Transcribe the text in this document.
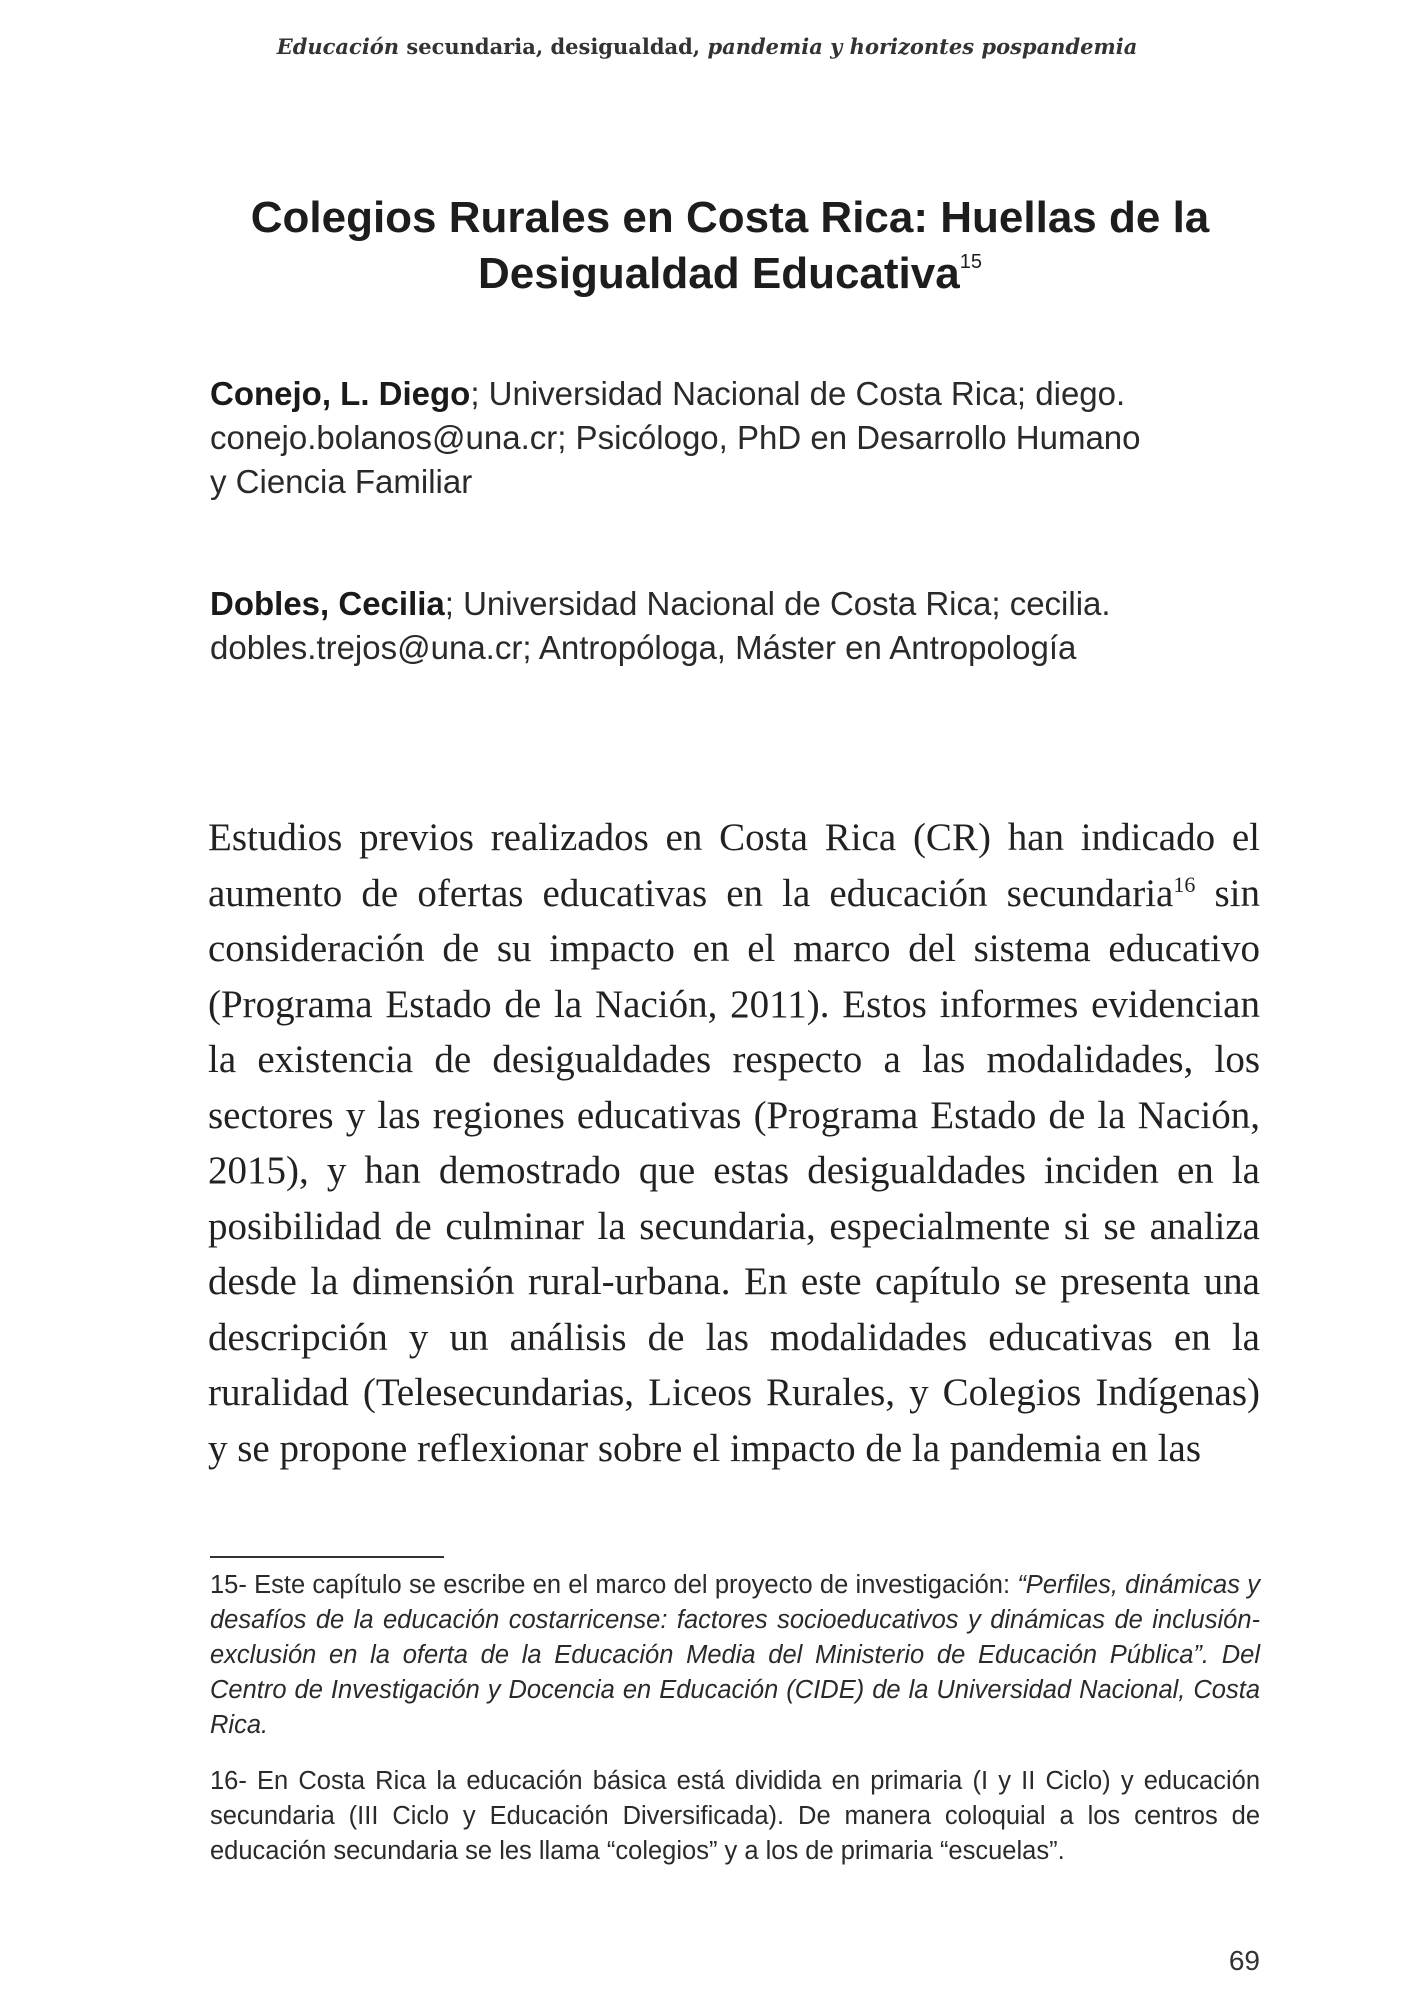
Educación secundaria, desigualdad, pandemia y horizontes pospandemia
Colegios Rurales en Costa Rica: Huellas de la
Desigualdad Educativa$^{15}$
Conejo, L. Diego; Universidad Nacional de Costa Rica; diego.
conejo.bolanos@una.cr; Psicólogo, PhD en Desarrollo Humano
y Ciencia Familiar
Dobles, Cecilia; Universidad Nacional de Costa Rica; cecilia.
dobles.trejos@una.cr; Antropóloga, Máster en Antropología

Estudios previos realizados en Costa Rica (CR) han indicado el aumento de ofertas educativas en la educación secundaria$^{16}$ sin consideración de su impacto en el marco del sistema educativo (Programa Estado de la Nación, 2011). Estos informes evidencian la existencia de desigualdades respecto a las modalidades, los sectores y las regiones educativas (Programa Estado de la Nación, 2015), y han demostrado que estas desigualdades inciden en la posibilidad de culminar la secundaria, especialmente si se analiza desde la dimensión rural-urbana. En este capítulo se presenta una descripción y un análisis de las modalidades educativas en la ruralidad (Telesecundarias, Liceos Rurales, y Colegios Indígenas) y se propone reflexionar sobre el impacto de la pandemia en las

15- Este capítulo se escribe en el marco del proyecto de investigación: “Perfiles, dinámicas y desafíos de la educación costarricense: factores socioeducativos y dinámicas de inclusión-exclusión en la oferta de la Educación Media del Ministerio de Educación Pública”. Del Centro de Investigación y Docencia en Educación (CIDE) de la Universidad Nacional, Costa Rica.

16- En Costa Rica la educación básica está dividida en primaria (I y II Ciclo) y educación secundaria (III Ciclo y Educación Diversificada). De manera coloquial a los centros de educación secundaria se les llama “colegios” y a los de primaria “escuelas”.

69
